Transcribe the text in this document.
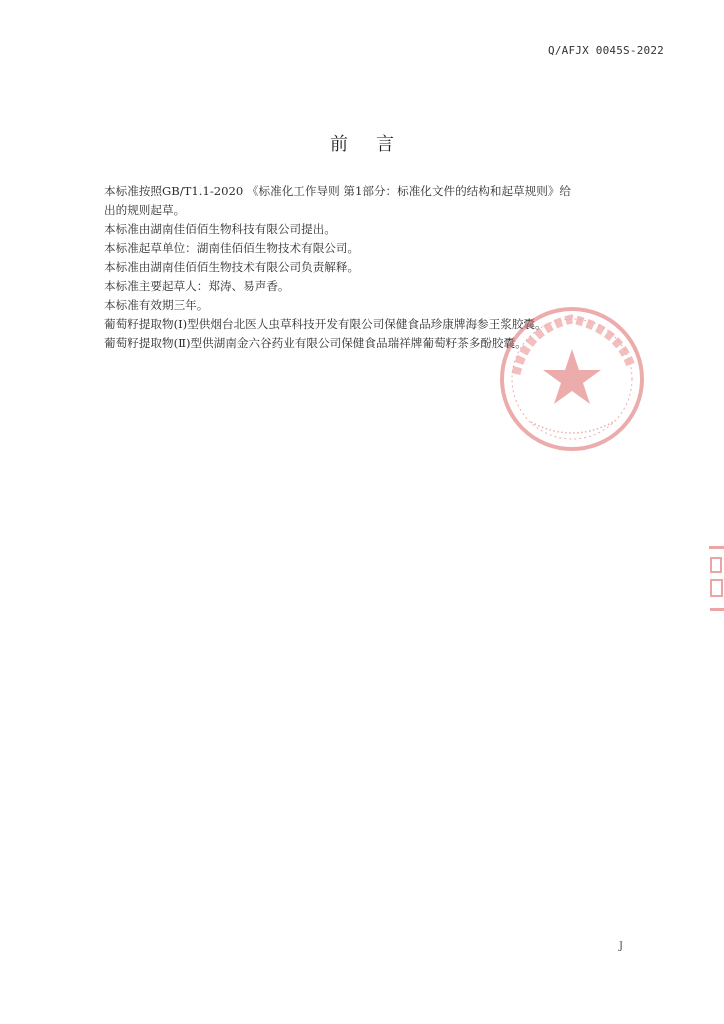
Q/AFJX 0045S-2022
前言
本标准按照GB/T1.1-2020 《标准化工作导则 第1部分：标准化文件的结构和起草规则》给
出的规则起草。
本标准由湖南佳佰佰生物科技有限公司提出。
本标准起草单位：湖南佳佰佰生物技术有限公司。
本标准由湖南佳佰佰生物技术有限公司负责解释。
本标准主要起草人：郑涛、易声香。
本标准有效期三年。
葡萄籽提取物(Ⅰ)型供烟台北医人虫草科技开发有限公司保健食品珍康牌海参王浆胶囊。
葡萄籽提取物(Ⅱ)型供湖南金六谷药业有限公司保健食品瑞祥牌葡萄籽茶多酚胶囊。
J
